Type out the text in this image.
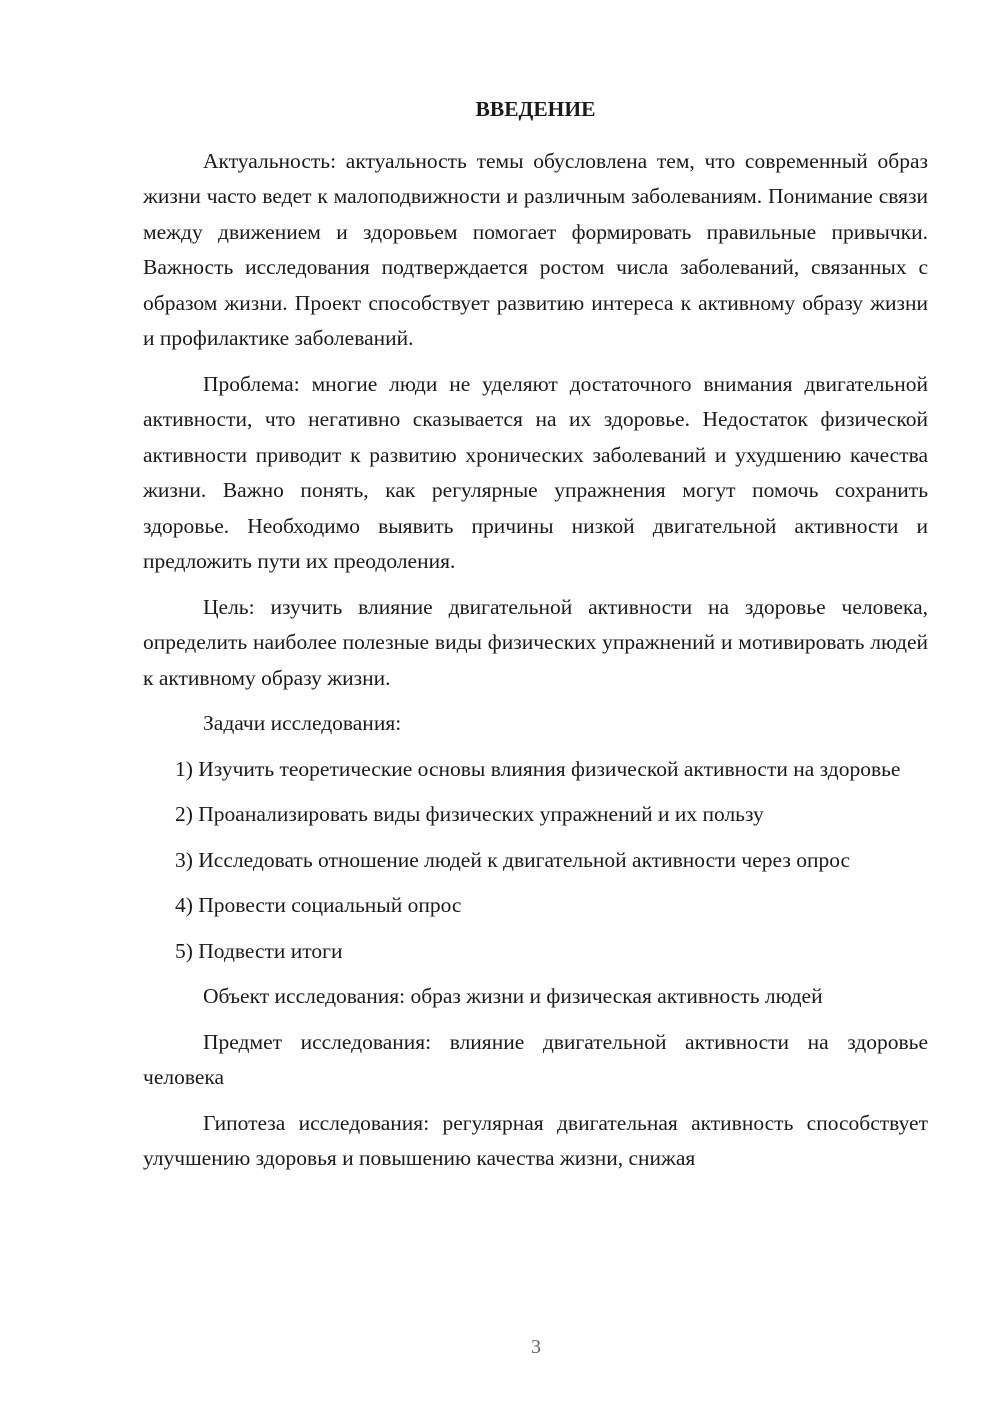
ВВЕДЕНИЕ

Актуальность: актуальность темы обусловлена тем, что современный образ жизни часто ведет к малоподвижности и различным заболеваниям. Понимание связи между движением и здоровьем помогает формировать правильные привычки. Важность исследования подтверждается ростом числа заболеваний, связанных с образом жизни. Проект способствует развитию интереса к активному образу жизни и профилактике заболеваний.

Проблема: многие люди не уделяют достаточного внимания двигательной активности, что негативно сказывается на их здоровье. Недостаток физической активности приводит к развитию хронических заболеваний и ухудшению качества жизни. Важно понять, как регулярные упражнения могут помочь сохранить здоровье. Необходимо выявить причины низкой двигательной активности и предложить пути их преодоления.

Цель: изучить влияние двигательной активности на здоровье человека, определить наиболее полезные виды физических упражнений и мотивировать людей к активному образу жизни.

Задачи исследования:

1) Изучить теоретические основы влияния физической активности на здоровье

2) Проанализировать виды физических упражнений и их пользу

3) Исследовать отношение людей к двигательной активности через опрос

4) Провести социальный опрос

5) Подвести итоги

Объект исследования: образ жизни и физическая активность людей

Предмет исследования: влияние двигательной активности на здоровье человека

Гипотеза исследования: регулярная двигательная активность способствует улучшению здоровья и повышению качества жизни, снижая

3
